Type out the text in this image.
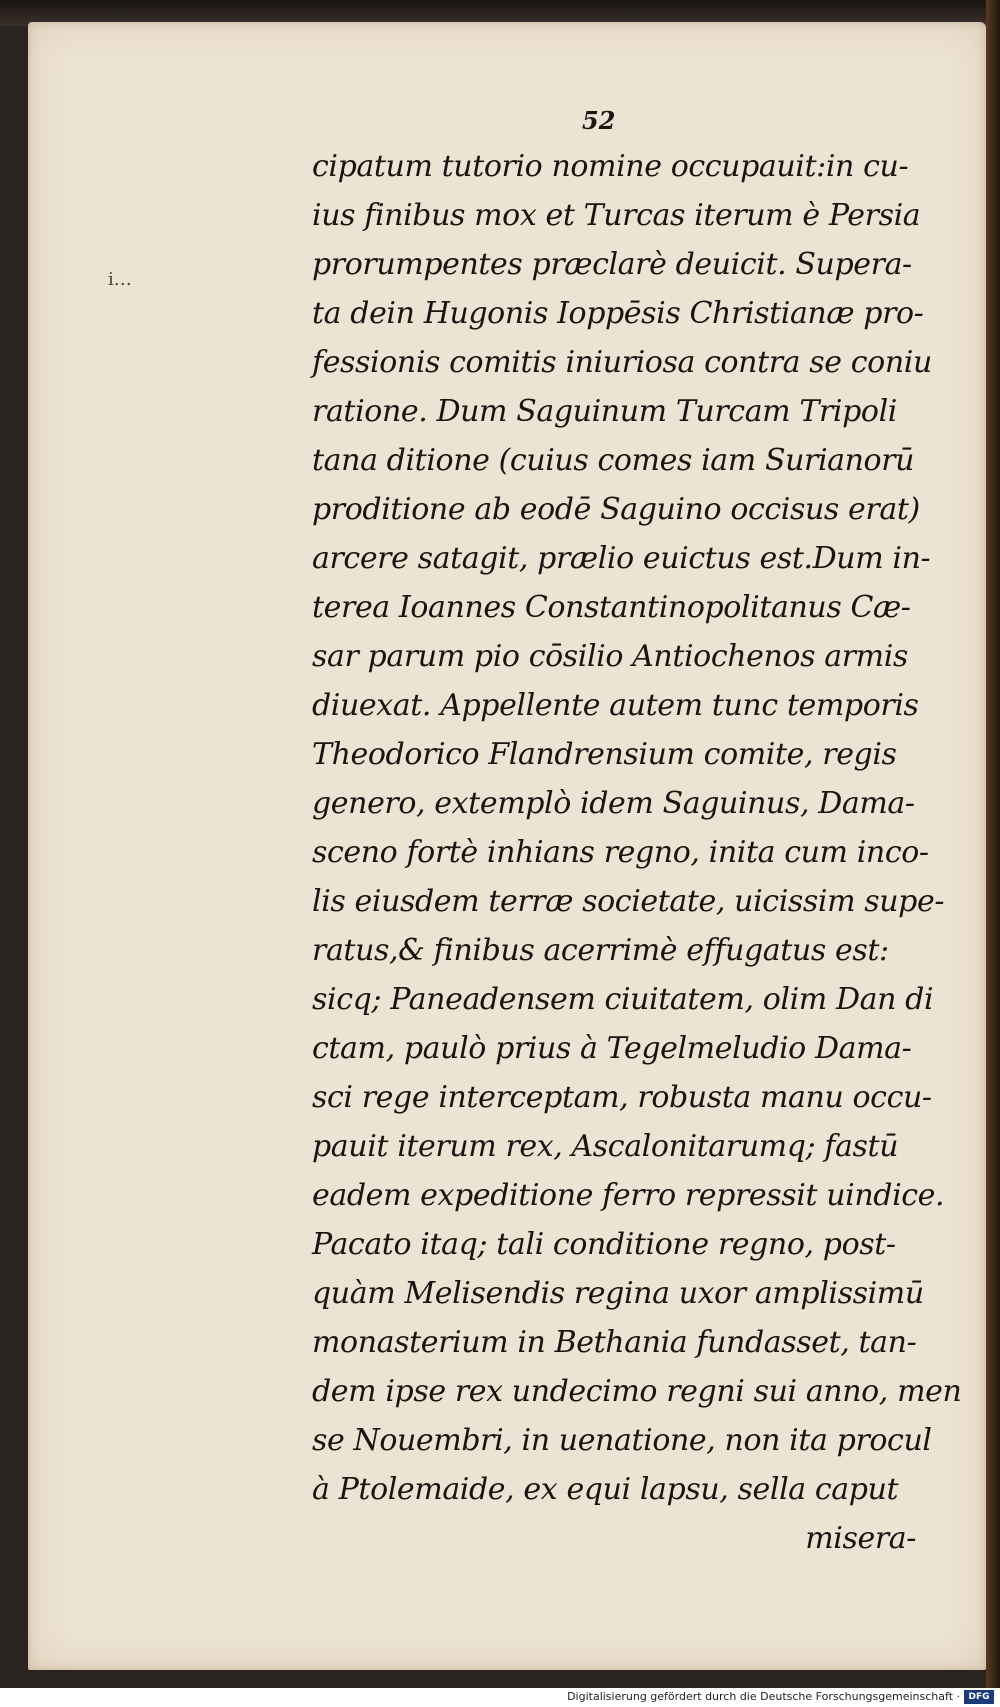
52

i…

cipatum tutorio nomine occupauit:in cu-
ius finibus mox et Turcas iterum è Persia
prorumpentes præclarè deuicit. Supera-
ta dein Hugonis Ioppēsis Christianæ pro-
fessionis comitis iniuriosa contra se coniu
ratione. Dum Saguinum Turcam Tripoli
tana ditione (cuius comes iam Surianorū
proditione ab eodē Saguino occisus erat)
arcere satagit, prælio euictus est.Dum in-
terea Ioannes Constantinopolitanus Cæ-
sar parum pio cōsilio Antiochenos armis
diuexat. Appellente autem tunc temporis
Theodorico Flandrensium comite, regis
genero, extemplò idem Saguinus, Dama-
sceno fortè inhians regno, inita cum inco-
lis eiusdem terræ societate, uicissim supe-
ratus,& finibus acerrimè effugatus est:
sicq; Paneadensem ciuitatem, olim Dan di
ctam, paulò prius à Tegelmeludio Dama-
sci rege interceptam, robusta manu occu-
pauit iterum rex, Ascalonitarumq; fastū
eadem expeditione ferro repressit uindice.
Pacato itaq; tali conditione regno, post-
quàm Melisendis regina uxor amplissimū
monasterium in Bethania fundasset, tan-
dem ipse rex undecimo regni sui anno, men
se Nouembri, in uenatione, non ita procul
à Ptolemaide, ex equi lapsu, sella caput
misera-

Digitalisierung gefördert durch die Deutsche Forschungsgemeinschaft · DFG
